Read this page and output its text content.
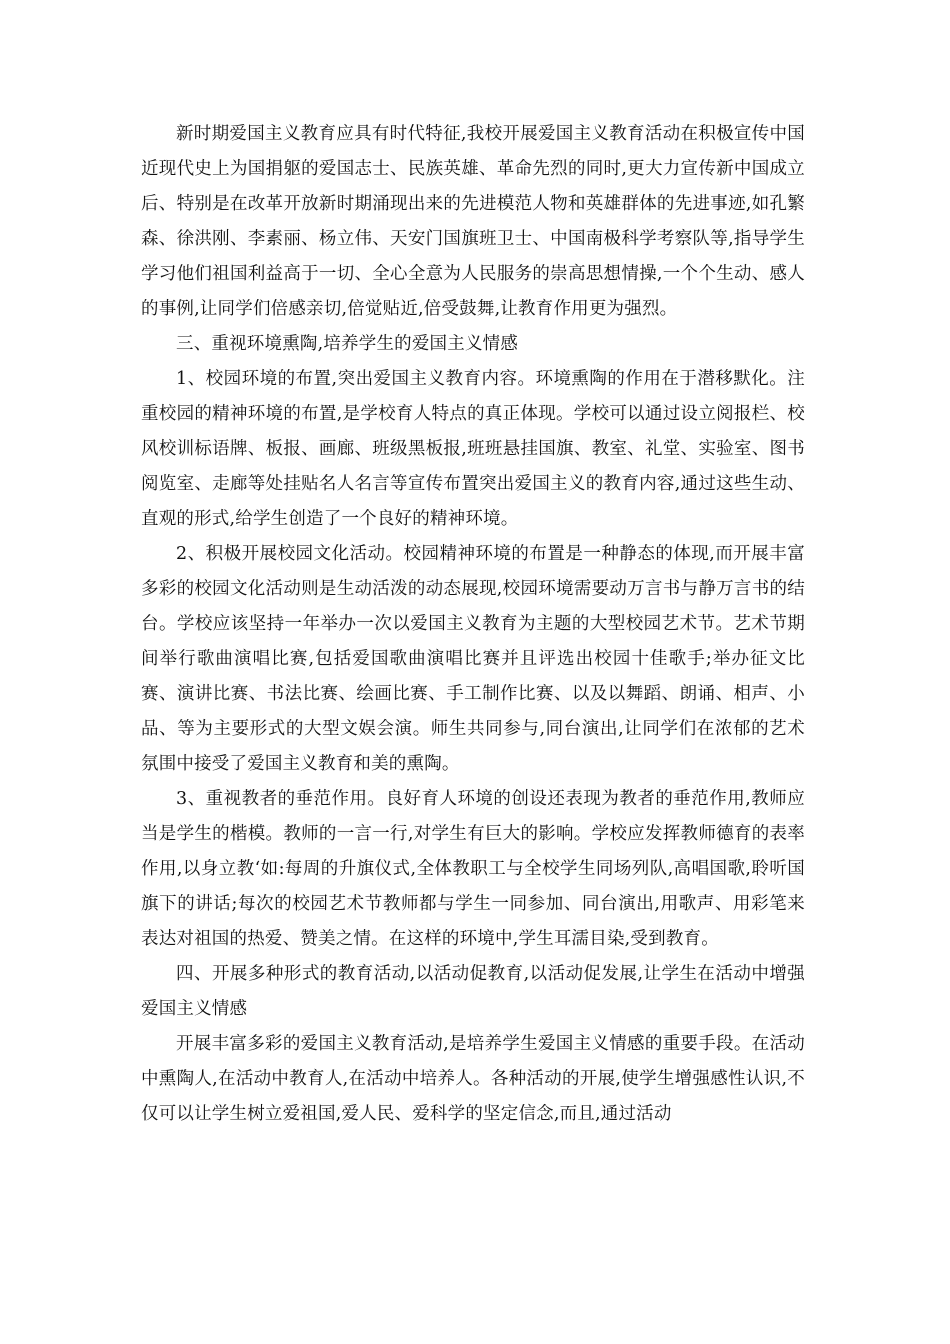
新时期爱国主义教育应具有时代特征,我校开展爱国主义教育活动在积极宣传中国近现代史上为国捐躯的爱国志士、民族英雄、革命先烈的同时,更大力宣传新中国成立后、特别是在改革开放新时期涌现出来的先进模范人物和英雄群体的先进事迹,如孔繁森、徐洪刚、李素丽、杨立伟、天安门国旗班卫士、中国南极科学考察队等,指导学生学习他们祖国利益高于一切、全心全意为人民服务的崇高思想情操,一个个生动、感人的事例,让同学们倍感亲切,倍觉贴近,倍受鼓舞,让教育作用更为强烈。

三、重视环境熏陶,培养学生的爱国主义情感

1、校园环境的布置,突出爱国主义教育内容。环境熏陶的作用在于潜移默化。注重校园的精神环境的布置,是学校育人特点的真正体现。学校可以通过设立阅报栏、校风校训标语牌、板报、画廊、班级黑板报,班班悬挂国旗、教室、礼堂、实验室、图书阅览室、走廊等处挂贴名人名言等宣传布置突出爱国主义的教育内容,通过这些生动、直观的形式,给学生创造了一个良好的精神环境。

2、积极开展校园文化活动。校园精神环境的布置是一种静态的体现,而开展丰富多彩的校园文化活动则是生动活泼的动态展现,校园环境需要动万言书与静万言书的结台。学校应该坚持一年举办一次以爱国主义教育为主题的大型校园艺术节。艺术节期间举行歌曲演唱比赛,包括爱国歌曲演唱比赛并且评选出校园十佳歌手;举办征文比赛、演讲比赛、书法比赛、绘画比赛、手工制作比赛、以及以舞蹈、朗诵、相声、小品、等为主要形式的大型文娱会演。师生共同参与,同台演出,让同学们在浓郁的艺术氛围中接受了爱国主义教育和美的熏陶。

3、重视教者的垂范作用。良好育人环境的创设还表现为教者的垂范作用,教师应当是学生的楷模。教师的一言一行,对学生有巨大的影响。学校应发挥教师德育的表率作用,以身立教‘如:每周的升旗仪式,全体教职工与全校学生同场列队,高唱国歌,聆听国旗下的讲话;每次的校园艺术节教师都与学生一同参加、同台演出,用歌声、用彩笔来表达对祖国的热爱、赞美之情。在这样的环境中,学生耳濡目染,受到教育。

四、开展多种形式的教育活动,以活动促教育,以活动促发展,让学生在活动中增强爱国主义情感

开展丰富多彩的爱国主义教育活动,是培养学生爱国主义情感的重要手段。在活动中熏陶人,在活动中教育人,在活动中培养人。各种活动的开展,使学生增强感性认识,不仅可以让学生树立爱祖国,爱人民、爱科学的坚定信念,而且,通过活动
